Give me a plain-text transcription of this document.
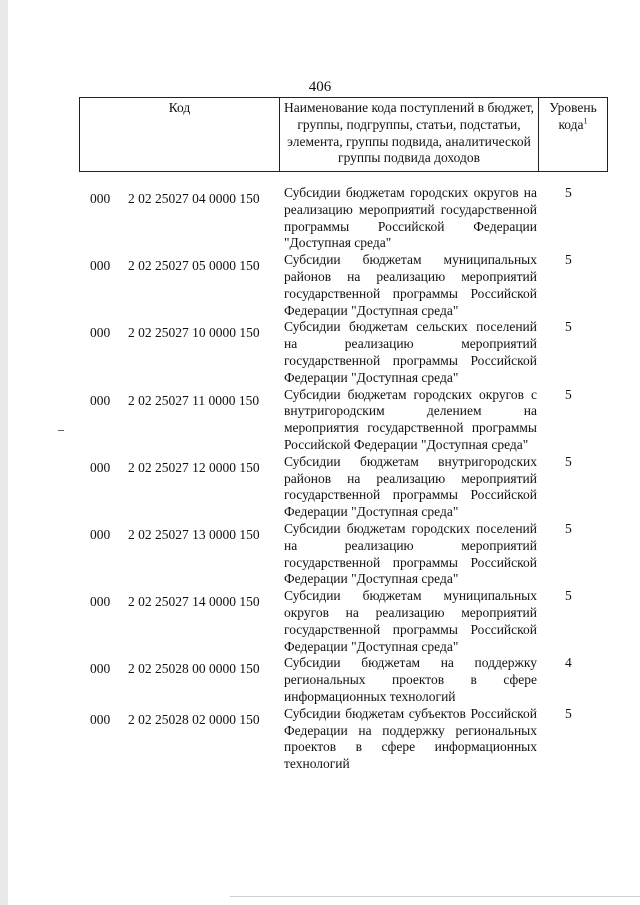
406
Код	Наименование кода поступлений в бюджет, группы, подгруппы, статьи, подстатьи, элемента, группы подвида, аналитической группы подвида доходов
Уровень кода$^1$
000 2 02 25027 04 0000 150 Субсидии бюджетам городских округов на реализацию мероприятий государственной программы Российской Федерации "Доступная среда"
5
000 2 02 25027 05 0000 150 Субсидии бюджетам муниципальных районов на реализацию мероприятий государственной программы Российской Федерации "Доступная среда"
5
000 2 02 25027 10 0000 150 Субсидии бюджетам сельских поселений на реализацию мероприятий государственной программы Российской Федерации "Доступная среда"
5
000 2 02 25027 11 0000 150 Субсидии бюджетам городских округов с внутригородским делением на мероприятия государственной программы Российской Федерации "Доступная среда"
5
000 2 02 25027 12 0000 150 Субсидии бюджетам внутригородских районов на реализацию мероприятий государственной программы Российской Федерации "Доступная среда"
5
000 2 02 25027 13 0000 150 Субсидии бюджетам городских поселений на реализацию мероприятий государственной программы Российской Федерации "Доступная среда"
5
000 2 02 25027 14 0000 150 Субсидии бюджетам муниципальных округов на реализацию мероприятий государственной программы Российской Федерации "Доступная среда"
5
000 2 02 25028 00 0000 150 Субсидии бюджетам на поддержку региональных проектов в сфере информационных технологий
4
000 2 02 25028 02 0000 150 Субсидии бюджетам субъектов Российской Федерации на поддержку региональных проектов в сфере информационных технологий
5
